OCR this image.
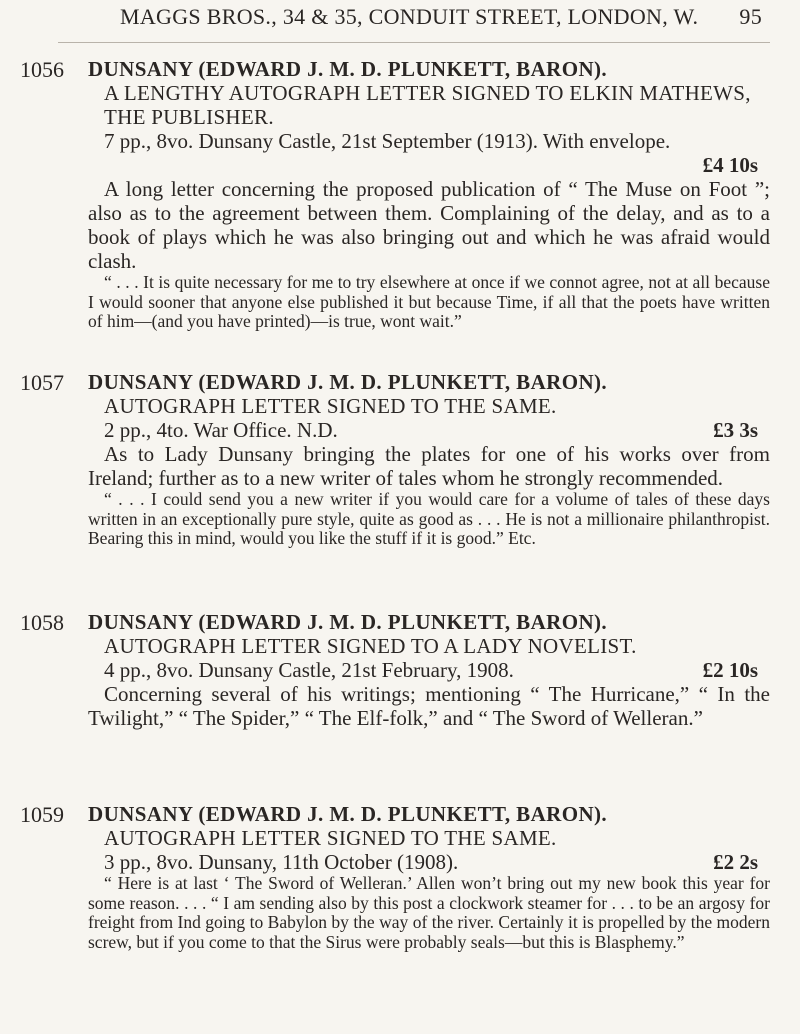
MAGGS BROS., 34 & 35, CONDUIT STREET, LONDON, W. 95
1056	DUNSANY (EDWARD J. M. D. PLUNKETT, BARON).

A LENGTHY AUTOGRAPH LETTER SIGNED TO ELKIN MATHEWS, THE PUBLISHER.

7 pp., 8vo. Dunsany Castle, 21st September (1913). With envelope.
£4 10s

A long letter concerning the proposed publication of “ The Muse on Foot ”; also as to the agreement between them. Complaining of the delay, and as to a book of plays which he was also bringing out and which he was afraid would clash.

“ . . . It is quite necessary for me to try elsewhere at once if we connot agree, not at all because I would sooner that anyone else published it but because Time, if all that the poets have written of him—(and you have printed)—is true, wont wait.”

1057	DUNSANY (EDWARD J. M. D. PLUNKETT, BARON).

AUTOGRAPH LETTER SIGNED TO THE SAME.

2 pp., 4to. War Office. N.D.	£3 3s

As to Lady Dunsany bringing the plates for one of his works over from Ireland; further as to a new writer of tales whom he strongly recommended.

“ . . . I could send you a new writer if you would care for a volume of tales of these days written in an exceptionally pure style, quite as good as . . . He is not a millionaire philanthropist. Bearing this in mind, would you like the stuff if it is good.” Etc.

1058	DUNSANY (EDWARD J. M. D. PLUNKETT, BARON).

AUTOGRAPH LETTER SIGNED TO A LADY NOVELIST.

4 pp., 8vo. Dunsany Castle, 21st February, 1908.	£2 10s

Concerning several of his writings; mentioning “ The Hurricane,” “ In the Twilight,” “ The Spider,” “ The Elf-folk,” and “ The Sword of Welleran.”

1059	DUNSANY (EDWARD J. M. D. PLUNKETT, BARON).

AUTOGRAPH LETTER SIGNED TO THE SAME.

3 pp., 8vo. Dunsany, 11th October (1908).	£2 2s

“ Here is at last ‘ The Sword of Welleran.’ Allen won’t bring out my new book this year for some reason. . . . “ I am sending also by this post a clockwork steamer for . . . to be an argosy for freight from Ind going to Babylon by the way of the river. Certainly it is propelled by the modern screw, but if you come to that the Sirus were probably seals—but this is Blasphemy.”
